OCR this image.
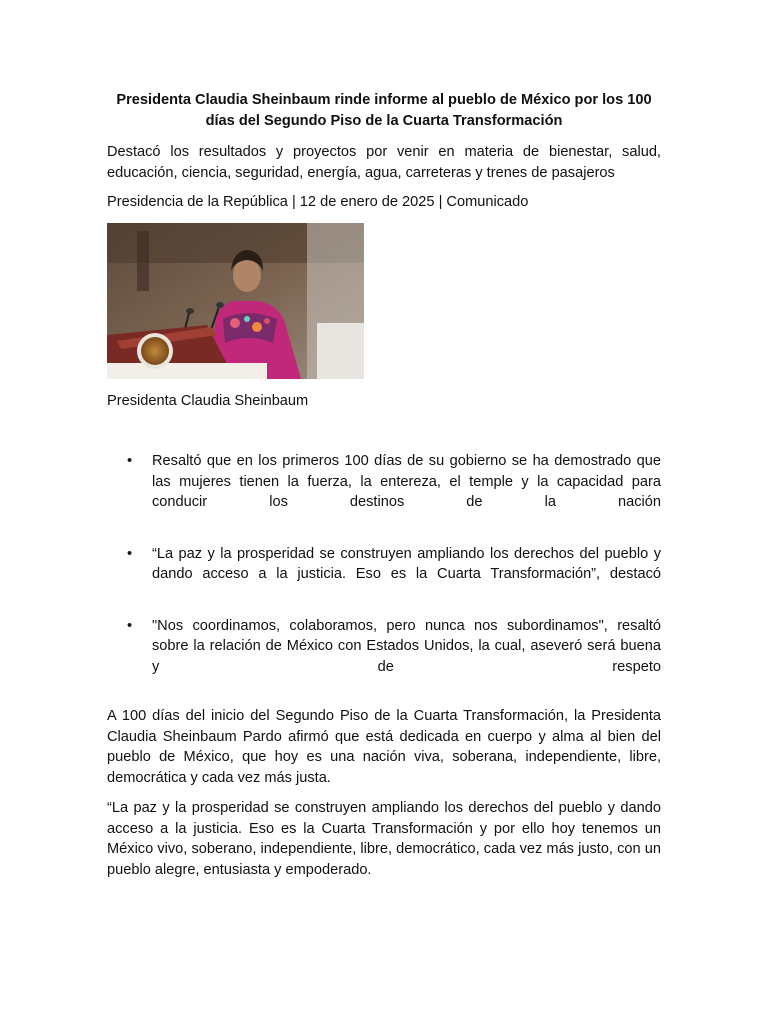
Presidenta Claudia Sheinbaum rinde informe al pueblo de México por los 100 días del Segundo Piso de la Cuarta Transformación

Destacó los resultados y proyectos por venir en materia de bienestar, salud, educación, ciencia, seguridad, energía, agua, carreteras y trenes de pasajeros

Presidencia de la República | 12 de enero de 2025 | Comunicado

Presidenta Claudia Sheinbaum

• Resaltó que en los primeros 100 días de su gobierno se ha demostrado que las mujeres tienen la fuerza, la entereza, el temple y la capacidad para conducir los destinos de la nación
• “La paz y la prosperidad se construyen ampliando los derechos del pueblo y dando acceso a la justicia. Eso es la Cuarta Transformación”, destacó
• "Nos coordinamos, colaboramos, pero nunca nos subordinamos", resaltó sobre la relación de México con Estados Unidos, la cual, aseveró será buena y de respeto

A 100 días del inicio del Segundo Piso de la Cuarta Transformación, la Presidenta Claudia Sheinbaum Pardo afirmó que está dedicada en cuerpo y alma al bien del pueblo de México, que hoy es una nación viva, soberana, independiente, libre, democrática y cada vez más justa.

“La paz y la prosperidad se construyen ampliando los derechos del pueblo y dando acceso a la justicia. Eso es la Cuarta Transformación y por ello hoy tenemos un México vivo, soberano, independiente, libre, democrático, cada vez más justo, con un pueblo alegre, entusiasta y empoderado.
